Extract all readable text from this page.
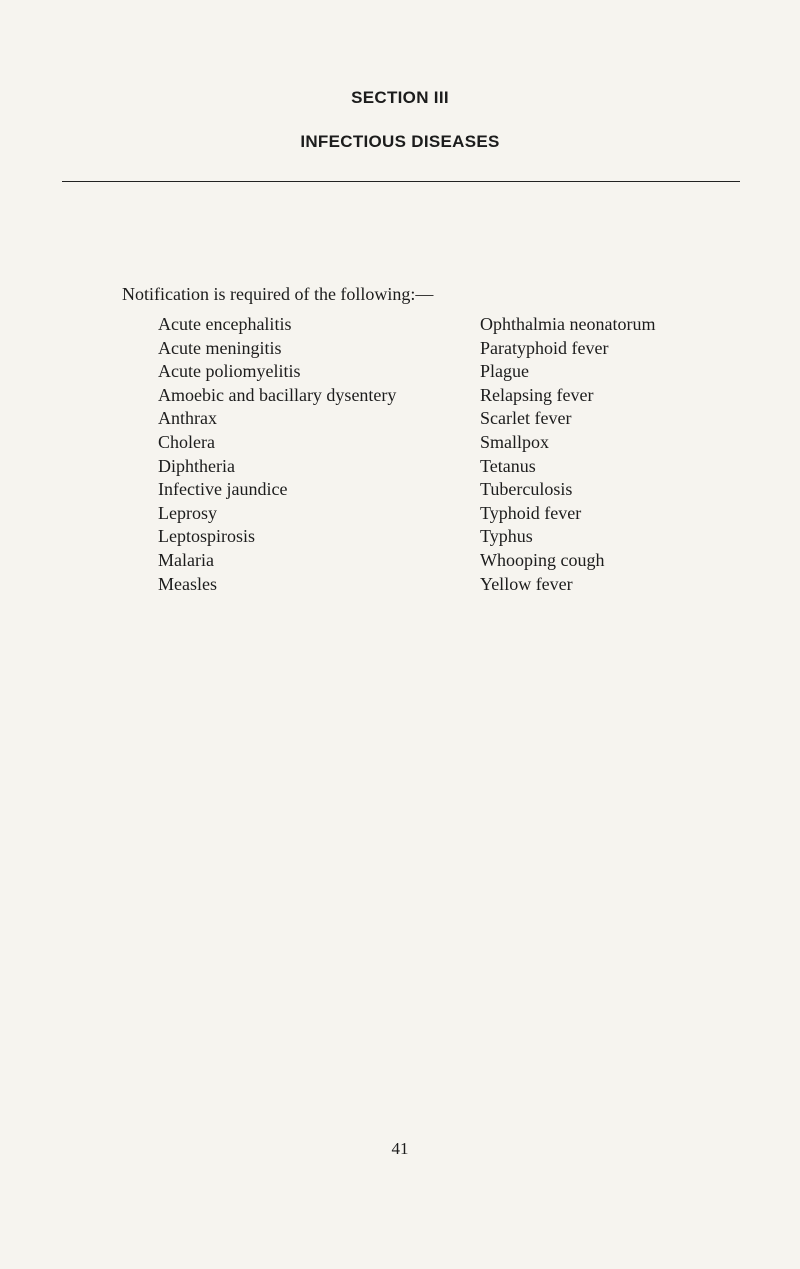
SECTION III
INFECTIOUS DISEASES
Notification is required of the following:—
Acute encephalitis
Acute meningitis
Acute poliomyelitis
Amoebic and bacillary dysentery
Anthrax
Cholera
Diphtheria
Infective jaundice
Leprosy
Leptospirosis
Malaria
Measles
Ophthalmia neonatorum
Paratyphoid fever
Plague
Relapsing fever
Scarlet fever
Smallpox
Tetanus
Tuberculosis
Typhoid fever
Typhus
Whooping cough
Yellow fever
41
